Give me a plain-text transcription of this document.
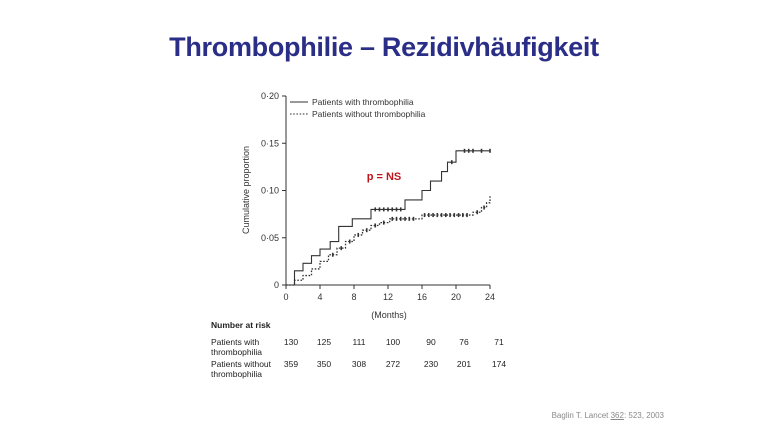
Thrombophilie – Rezidivhäufigkeit
0
0·05
0·10
0·15
0·20
0	4	8	12	16	20	24
Patients with thrombophilia
Patients without thrombophilia
Cumulative proportion
(Months)
p = NS
Number at risk
Patients with thrombophilia
130	125	111	100	90	76	71
Patients without thrombophilia
359	350	308	272	230	201	174
Baglin T. Lancet 362: 523, 2003
